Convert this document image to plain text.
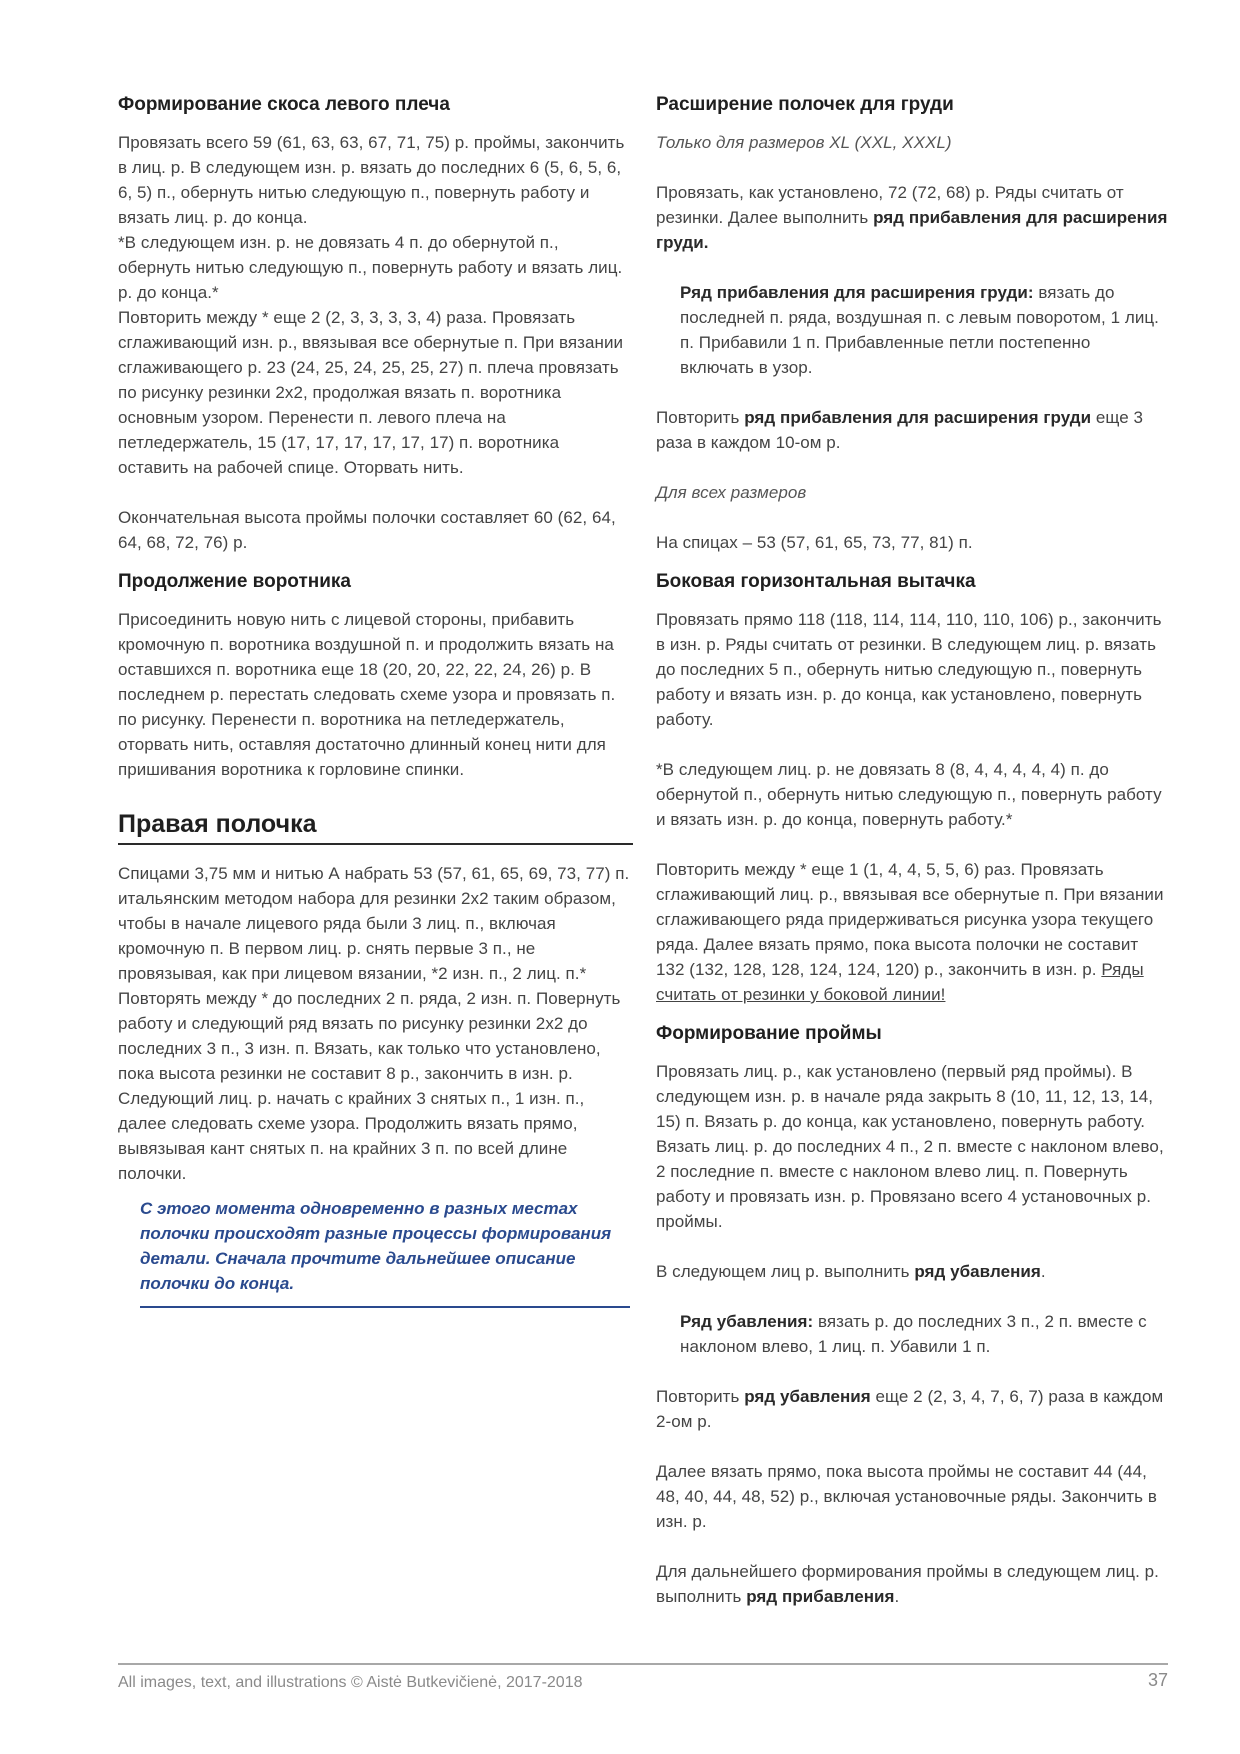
Формирование скоса левого плеча

Провязать всего 59 (61, 63, 63, 67, 71, 75) р. проймы, закончить в лиц. р. В следующем изн. р. вязать до последних 6 (5, 6, 5, 6, 6, 5) п., обернуть нитью следующую п., повернуть работу и вязать лиц. р. до конца.

*В следующем изн. р. не довязать 4 п. до обернутой п., обернуть нитью следующую п., повернуть работу и вязать лиц. р. до конца.*

Повторить между * еще 2 (2, 3, 3, 3, 3, 4) раза. Провязать сглаживающий изн. р., ввязывая все обернутые п. При вязании сглаживающего р. 23 (24, 25, 24, 25, 25, 27) п. плеча провязать по рисунку резинки 2х2, продолжая вязать п. воротника основным узором. Перенести п. левого плеча на петледержатель, 15 (17, 17, 17, 17, 17, 17) п. воротника оставить на рабочей спице. Оторвать нить.

Окончательная высота проймы полочки составляет 60 (62, 64, 64, 68, 72, 76) р.

Продолжение воротника

Присоединить новую нить с лицевой стороны, прибавить кромочную п. воротника воздушной п. и продолжить вязать на оставшихся п. воротника еще 18 (20, 20, 22, 22, 24, 26) р. В последнем р. перестать следовать схеме узора и провязать п. по рисунку. Перенести п. воротника на петледержатель, оторвать нить, оставляя достаточно длинный конец нити для пришивания воротника к горловине спинки.

Правая полочка

Спицами 3,75 мм и нитью А набрать 53 (57, 61, 65, 69, 73, 77) п. итальянским методом набора для резинки 2х2 таким образом, чтобы в начале лицевого ряда были 3 лиц. п., включая кромочную п. В первом лиц. р. снять первые 3 п., не провязывая, как при лицевом вязании, *2 изн. п., 2 лиц. п.* Повторять между * до последних 2 п. ряда, 2 изн. п. Повернуть работу и следующий ряд вязать по рисунку резинки 2х2 до последних 3 п., 3 изн. п. Вязать, как только что установлено, пока высота резинки не составит 8 р., закончить в изн. р. Следующий лиц. р. начать с крайних 3 снятых п., 1 изн. п., далее следовать схеме узора. Продолжить вязать прямо, вывязывая кант снятых п. на крайних 3 п. по всей длине полочки.

С этого момента одновременно в разных местах полочки происходят разные процессы формирования детали. Сначала прочтите дальнейшее описание полочки до конца.

Расширение полочек для груди

Только для размеров XL (XXL, XXXL)

Провязать, как установлено, 72 (72, 68) р. Ряды считать от резинки. Далее выполнить ряд прибавления для расширения груди.

Ряд прибавления для расширения груди: вязать до последней п. ряда, воздушная п. с левым поворотом, 1 лиц. п. Прибавили 1 п. Прибавленные петли постепенно включать в узор.

Повторить ряд прибавления для расширения груди еще 3 раза в каждом 10-ом р.

Для всех размеров

На спицах – 53 (57, 61, 65, 73, 77, 81) п.

Боковая горизонтальная вытачка

Провязать прямо 118 (118, 114, 114, 110, 110, 106) р., закончить в изн. р. Ряды считать от резинки. В следующем лиц. р. вязать до последних 5 п., обернуть нитью следующую п., повернуть работу и вязать изн. р. до конца, как установлено, повернуть работу.

*В следующем лиц. р. не довязать 8 (8, 4, 4, 4, 4, 4) п. до обернутой п., обернуть нитью следующую п., повернуть работу и вязать изн. р. до конца, повернуть работу.*

Повторить между * еще 1 (1, 4, 4, 5, 5, 6) раз. Провязать сглаживающий лиц. р., ввязывая все обернутые п. При вязании сглаживающего ряда придерживаться рисунка узора текущего ряда. Далее вязать прямо, пока высота полочки не составит 132 (132, 128, 128, 124, 124, 120) р., закончить в изн. р. Ряды считать от резинки у боковой линии!

Формирование проймы

Провязать лиц. р., как установлено (первый ряд проймы). В следующем изн. р. в начале ряда закрыть 8 (10, 11, 12, 13, 14, 15) п. Вязать р. до конца, как установлено, повернуть работу. Вязать лиц. р. до последних 4 п., 2 п. вместе с наклоном влево, 2 последние п. вместе с наклоном влево лиц. п. Повернуть работу и провязать изн. р. Провязано всего 4 установочных р. проймы.

В следующем лиц р. выполнить ряд убавления.

Ряд убавления: вязать р. до последних 3 п., 2 п. вместе с наклоном влево, 1 лиц. п. Убавили 1 п.

Повторить ряд убавления еще 2 (2, 3, 4, 7, 6, 7) раза в каждом 2-ом р.

Далее вязать прямо, пока высота проймы не составит 44 (44, 48, 40, 44, 48, 52) р., включая установочные ряды. Закончить в изн. р.

Для дальнейшего формирования проймы в следующем лиц. р. выполнить ряд прибавления.

All images, text, and illustrations © Aistė Butkevičienė, 2017-2018	37
